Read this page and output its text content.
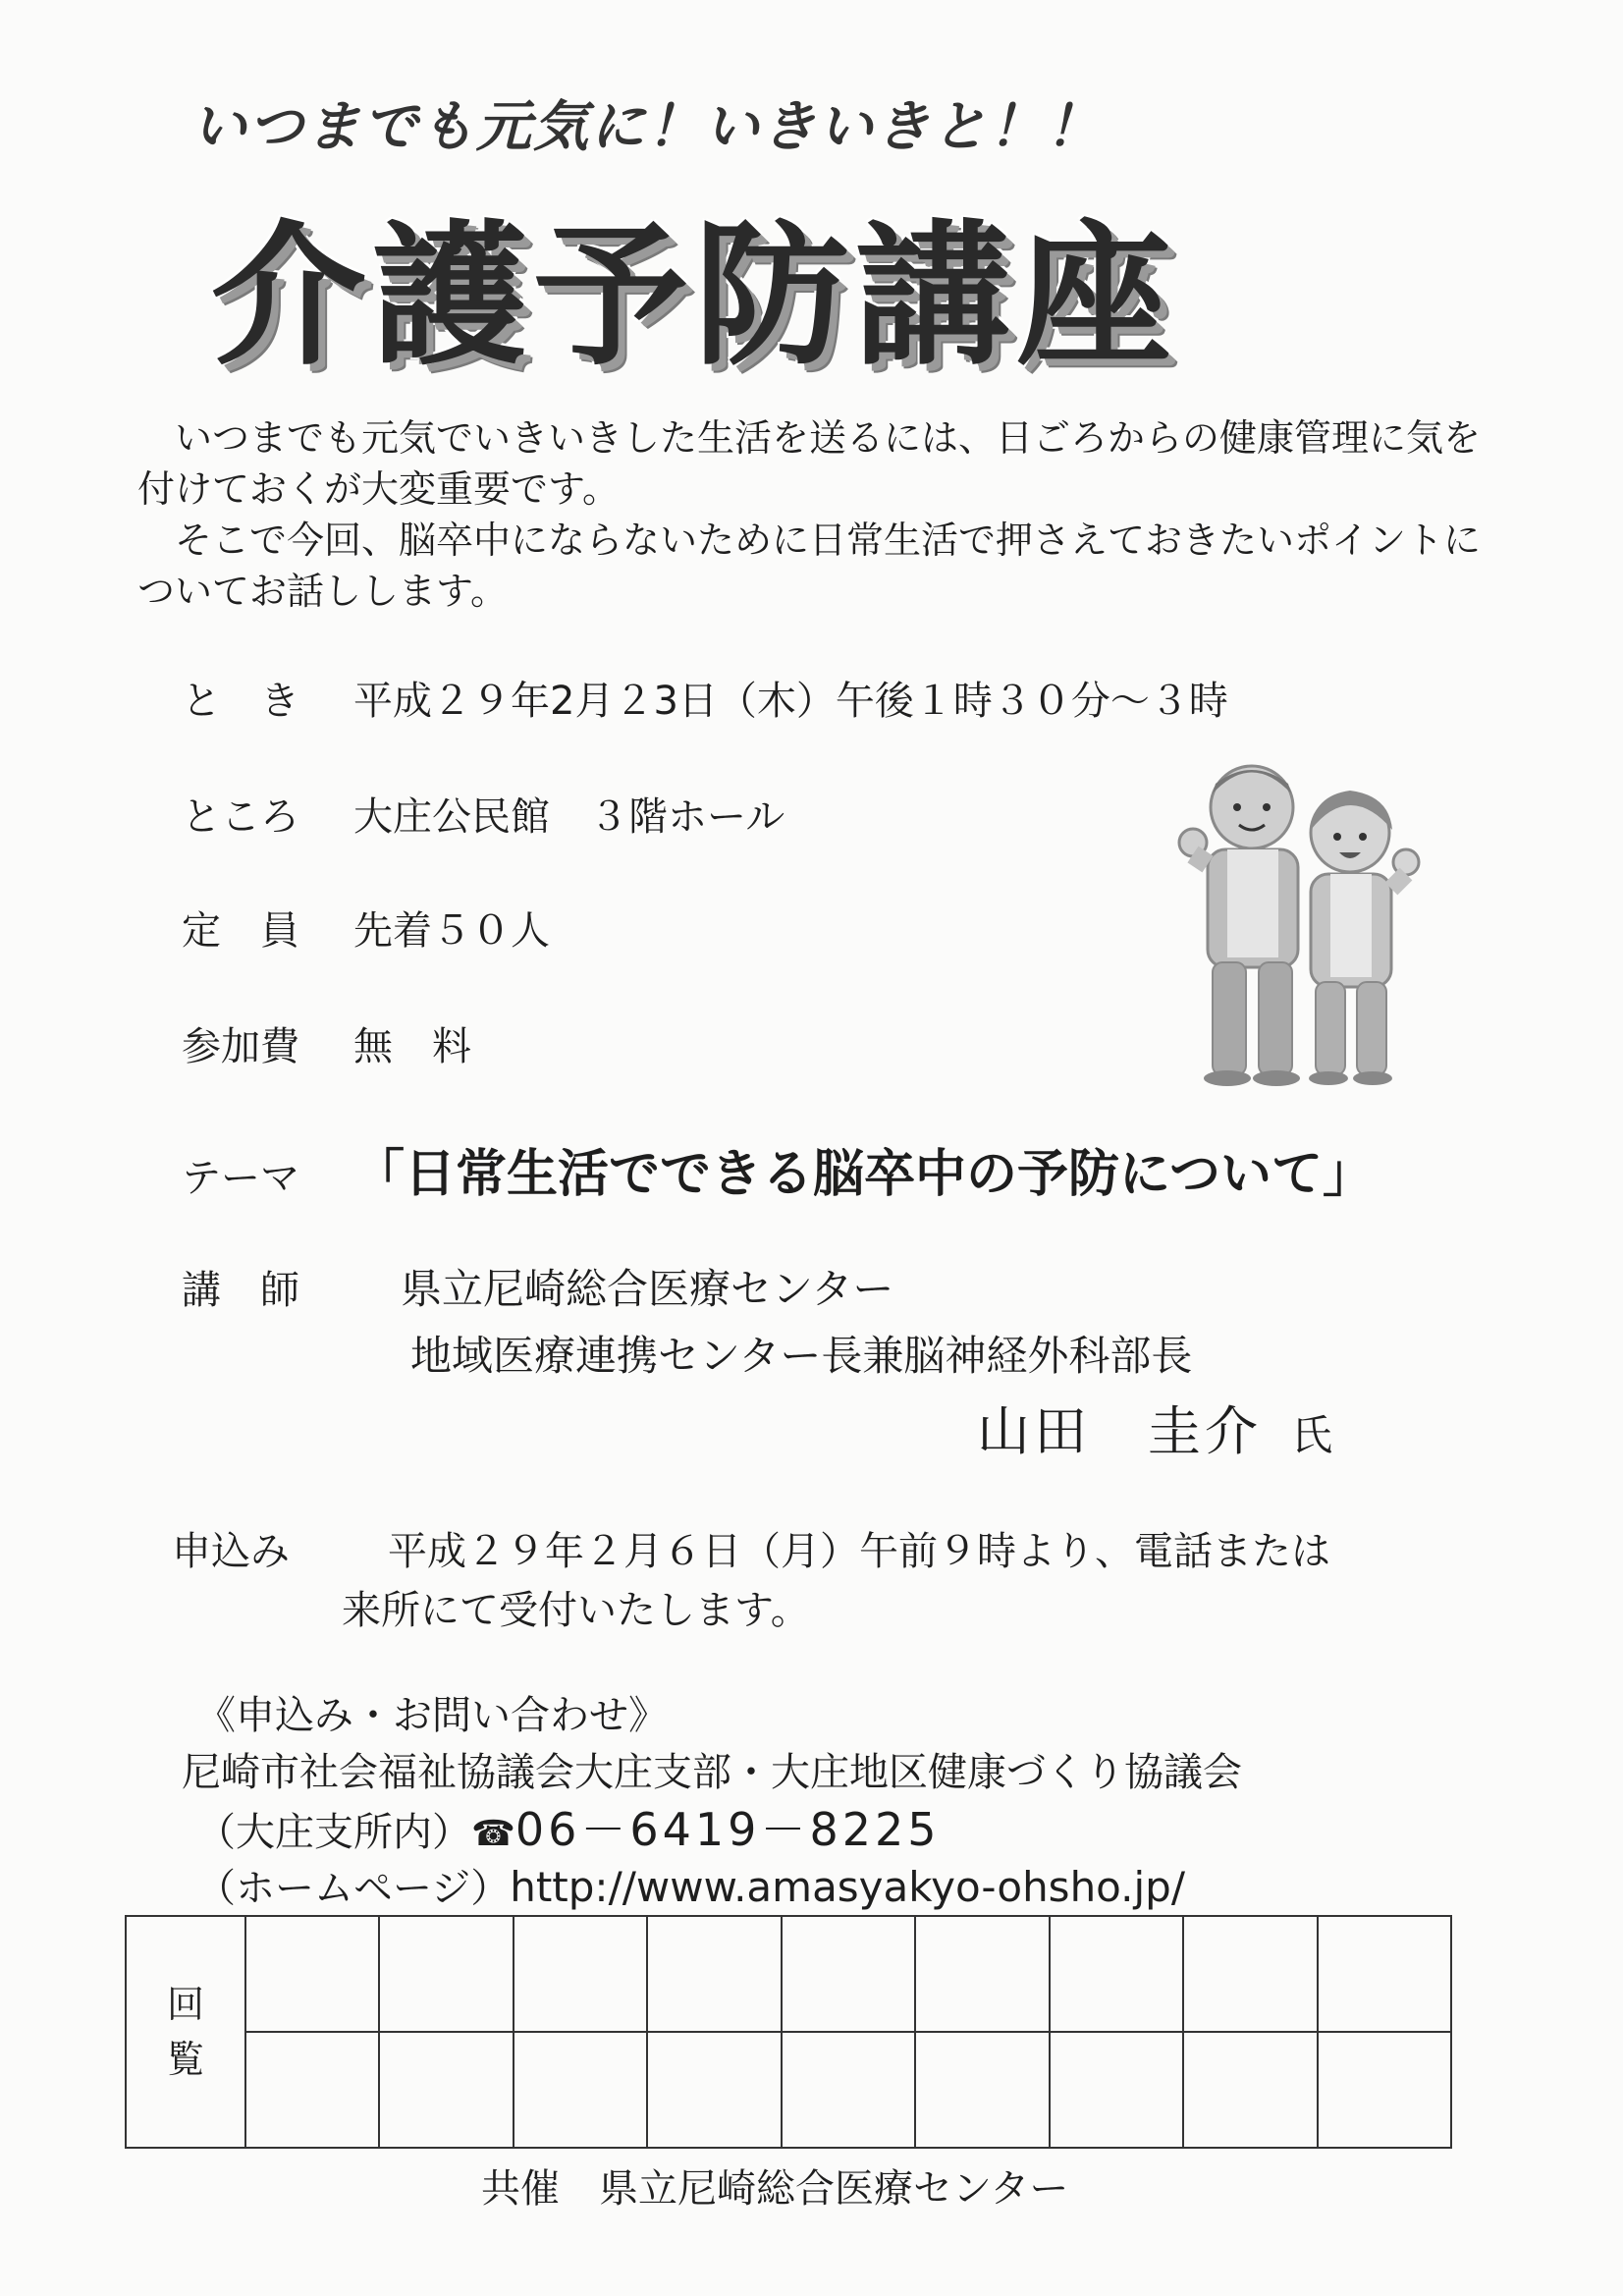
いつまでも元気に！いきいきと！！
介護予防講座

　いつまでも元気でいきいきした生活を送るには、日ごろからの健康管理に気を付けておくが大変重要です。

　そこで今回、脳卒中にならないために日常生活で押さえておきたいポイントについてお話しします。

と　き 平成２９年2月２3日（木）午後１時３０分～３時
ところ 大庄公民館　３階ホール
定　員 先着５０人
参加費 無　料
テーマ 「日常生活でできる脳卒中の予防について」
講　師 県立尼崎総合医療センター
地域医療連携センター長兼脳神経外科部長
山田　圭介 氏
申込み	平成２９年２月６日（月）午前９時より、電話または
来所にて受付いたします。
《申込み・お問い合わせ》
尼崎市社会福祉協議会大庄支部・大庄地区健康づくり協議会
（大庄支所内）☎06－6419－8225
（ホームページ）http://www.amasyakyo-ohsho.jp/
回
覧									

共催　県立尼崎総合医療センター
